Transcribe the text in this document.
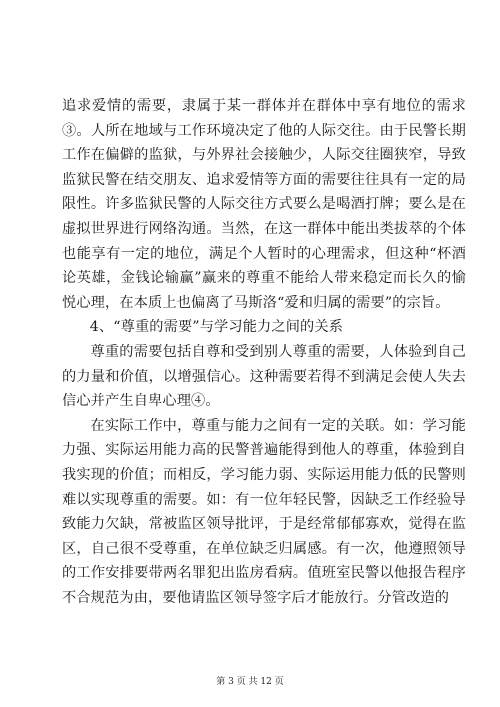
追求爱情的需要，隶属于某一群体并在群体中享有地位的需求③。人所在地域与工作环境决定了他的人际交往。由于民警长期工作在偏僻的监狱，与外界社会接触少，人际交往圈狭窄，导致监狱民警在结交朋友、追求爱情等方面的需要往往具有一定的局限性。许多监狱民警的人际交往方式要么是喝酒打牌；要么是在虚拟世界进行网络沟通。当然，在这一群体中能出类拔萃的个体也能享有一定的地位，满足个人暂时的心理需求，但这种“杯酒论英雄，金钱论输赢”赢来的尊重不能给人带来稳定而长久的愉悦心理，在本质上也偏离了马斯洛“爱和归属的需要”的宗旨。

4、“尊重的需要”与学习能力之间的关系

尊重的需要包括自尊和受到别人尊重的需要，人体验到自己的力量和价值，以增强信心。这种需要若得不到满足会使人失去信心并产生自卑心理④。

在实际工作中，尊重与能力之间有一定的关联。如：学习能力强、实际运用能力高的民警普遍能得到他人的尊重，体验到自我实现的价值；而相反，学习能力弱、实际运用能力低的民警则难以实现尊重的需要。如：有一位年轻民警，因缺乏工作经验导致能力欠缺，常被监区领导批评，于是经常郁郁寡欢，觉得在监区，自己很不受尊重，在单位缺乏归属感。有一次，他遵照领导的工作安排要带两名罪犯出监房看病。值班室民警以他报告程序不合规范为由，要他请监区领导签字后才能放行。分管改造的

第 3 页 共 12 页
